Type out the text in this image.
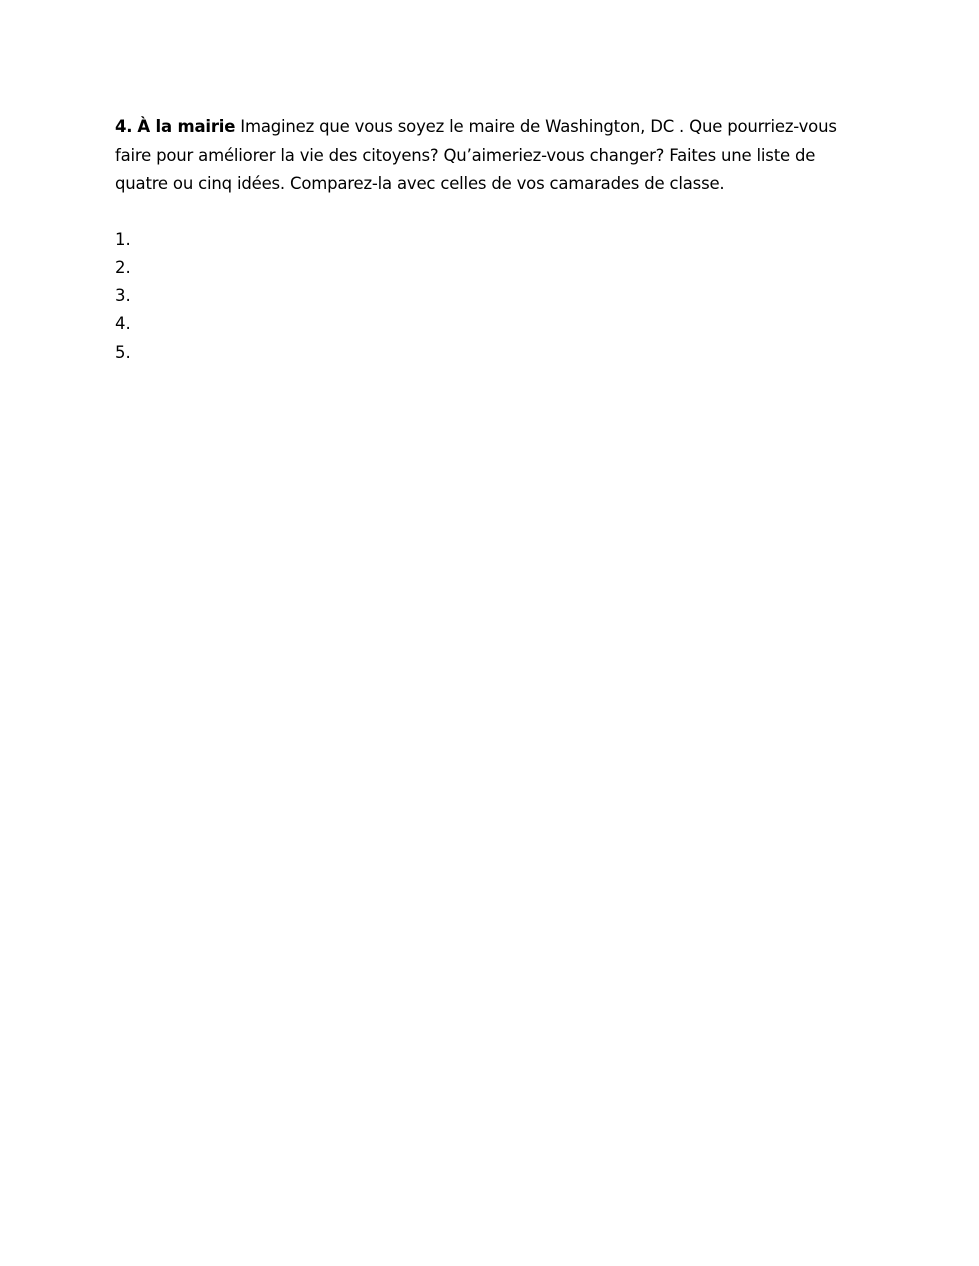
4. À la mairie Imaginez que vous soyez le maire de Washington, DC . Que pourriez-vous faire pour améliorer la vie des citoyens? Qu’aimeriez-vous changer? Faites une liste de quatre ou cinq idées. Comparez-la avec celles de vos camarades de classe.

1.
2.
3.
4.
5.
